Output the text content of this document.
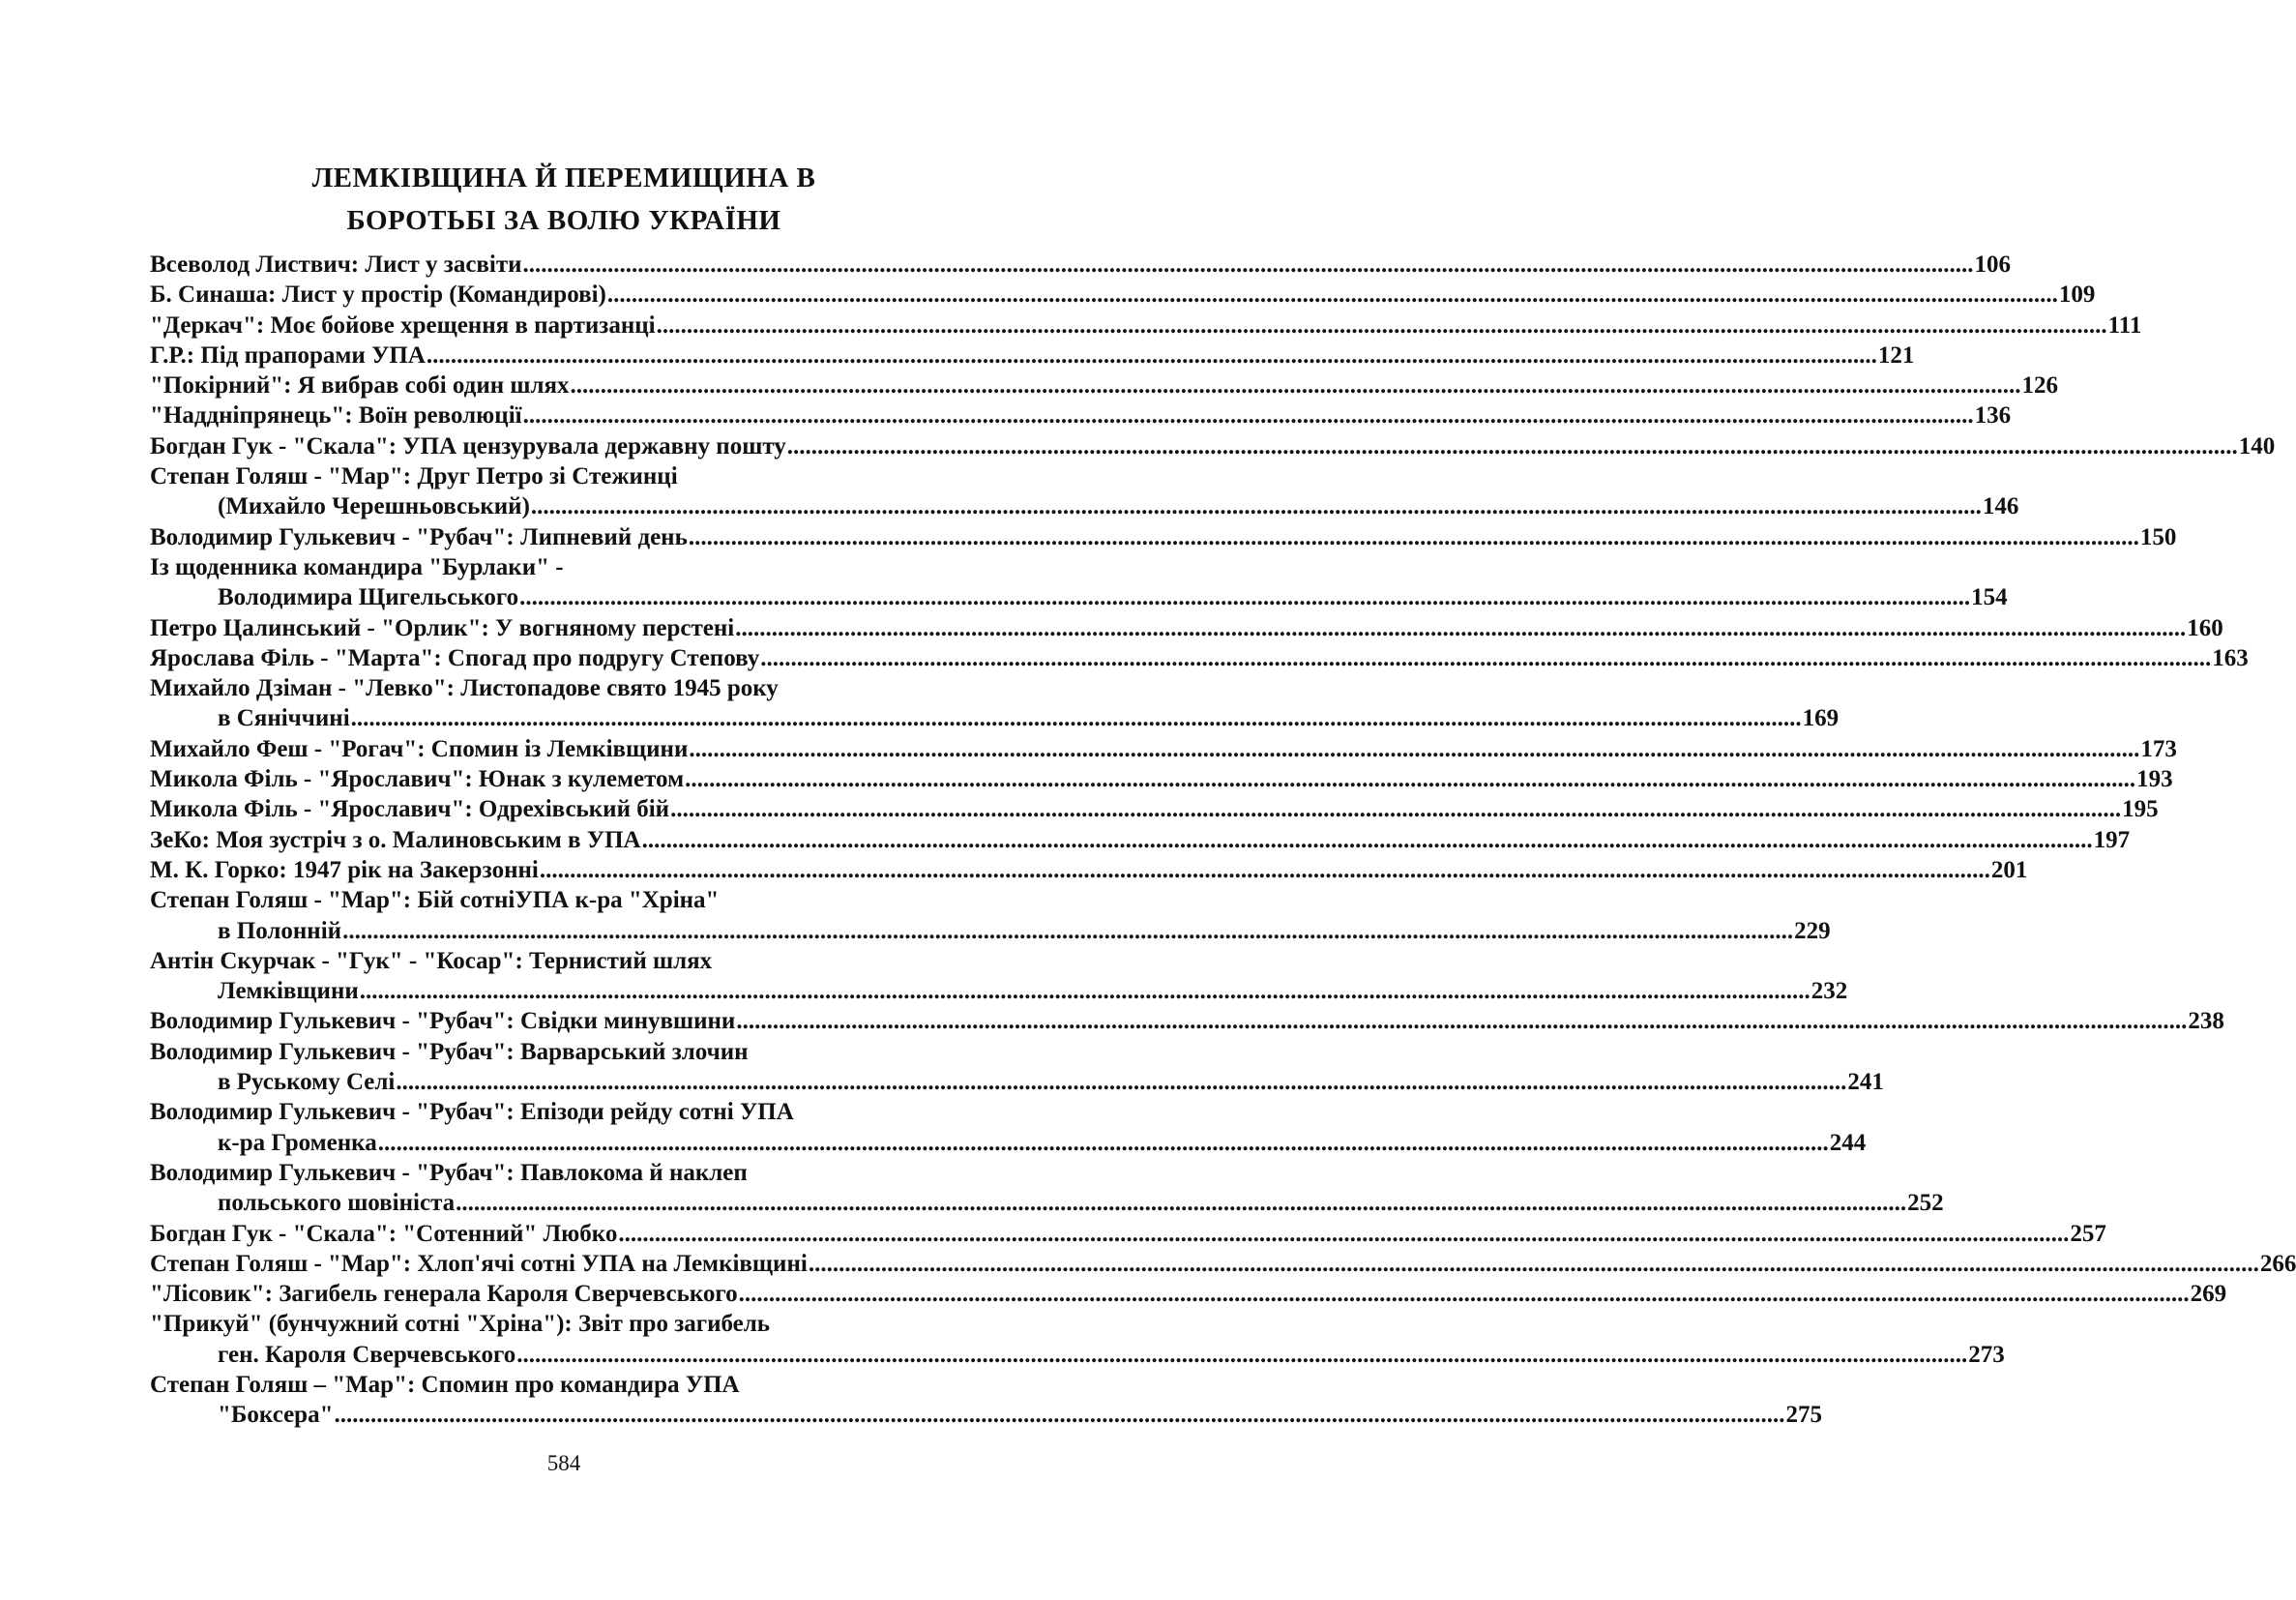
ЛЕМКІВЩИНА Й ПЕРЕМИЩИНА В
БОРОТЬБІ ЗА ВОЛЮ УКРАЇНИ
Всеволод Листвич: Лист у засвіти .....	106
Б. Синаша: Лист у простір (Командирові) .....	109
"Деркач": Моє бойове хрещення в партизанці .....	111
Г.Р.: Під прапорами УПА .....	121
"Покірний": Я вибрав собі один шлях .....	126
"Наддніпрянець": Воїн революції .....	136
Богдан Гук - "Скала": УПА цензурувала державну пошту .....	140
Степан Голяш - "Мар": Друг Петро зі Стежинці
(Михайло Черешньовський) .....	146
Володимир Гулькевич - "Рубач": Липневий день .....	150
Із щоденника командира "Бурлаки" -
Володимира Щигельського .....	154
Петро Цалинський - "Орлик": У вогняному перстені .....	160
Ярослава Філь - "Марта": Спогад про подругу Степову .....	163
Михайло Дзіман - "Левко": Листопадове свято 1945 року
в Сяніччині .....	169
Михайло Феш - "Рогач": Спомин із Лемківщини .....	173
Микола Філь - "Ярославич": Юнак з кулеметом .....	193
Микола Філь - "Ярославич": Одрехівський бій .....	195
ЗеКо: Моя зустріч з о. Малиновським в УПА .....	197
М. К. Горко: 1947 рік на Закерзонні .....	201
Степан Голяш - "Мар": Бій сотніУПА к-ра "Хріна"
в Полонній .....	229
Антін Скурчак - "Гук" - "Косар": Тернистий шлях
Лемківщини .....	232
Володимир Гулькевич - "Рубач": Свідки минувшини .....	238
Володимир Гулькевич - "Рубач": Варварський злочин
в Руському Селі .....	241
Володимир Гулькевич - "Рубач": Епізоди рейду сотні УПА
к-ра Громенка .....	244
Володимир Гулькевич - "Рубач": Павлокома й наклеп
польського шовініста .....	252
Богдан Гук - "Скала": "Сотенний" Любко .....	257
Степан Голяш - "Мар": Хлоп'ячі сотні УПА на Лемківщині .....	266
"Лісовик": Загибель генерала Кароля Сверчевського .....	269
"Прикуй" (бунчужний сотні "Хріна"): Звіт про загибель
ген. Кароля Сверчевського .....	273
Степан Голяш – "Мар": Спомин про командира УПА
"Боксера" .....	275
584
